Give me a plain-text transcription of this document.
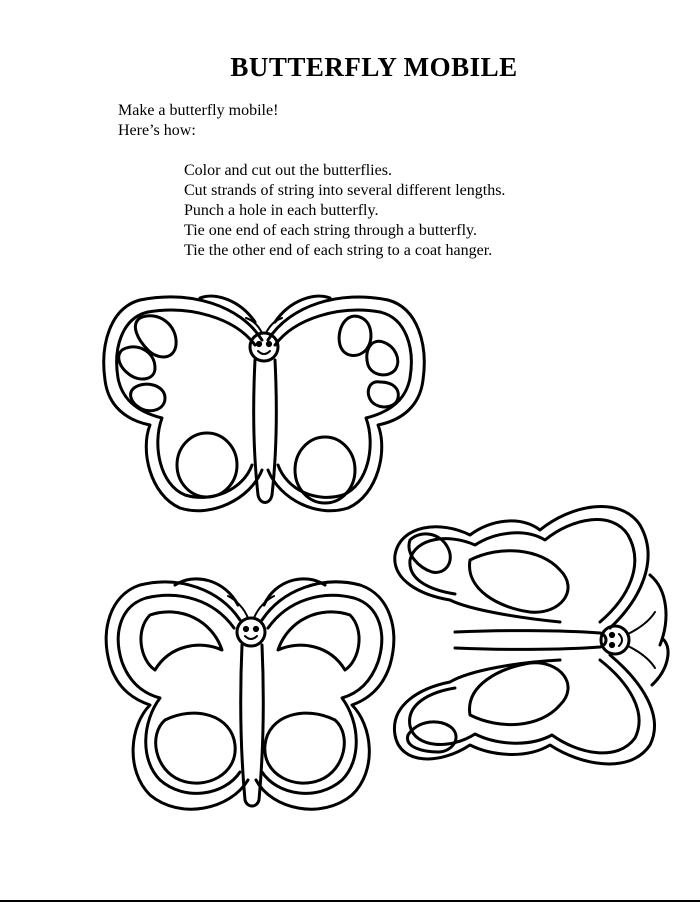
BUTTERFLY MOBILE
Make a butterfly mobile!
Here’s how:
Color and cut out the butterflies.
Cut strands of string into several different lengths.
Punch a hole in each butterfly.
Tie one end of each string through a butterfly.
Tie the other end of each string to a coat hanger.
